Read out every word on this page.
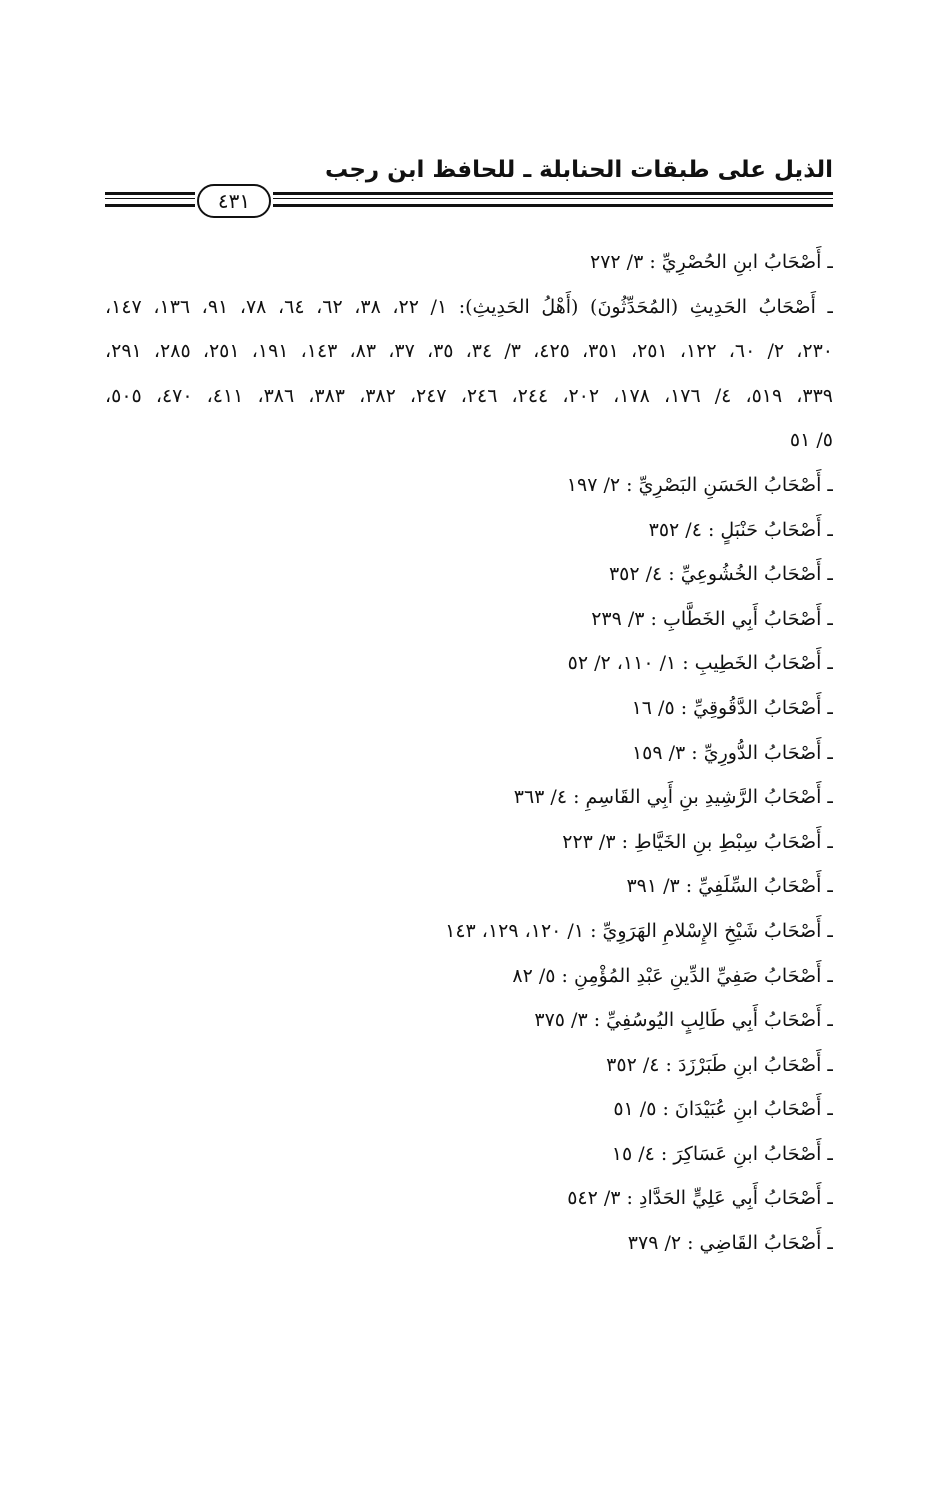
الذيل على طبقات الحنابلة ـ للحافظ ابن رجب
٤٣١

ـ أَصْحَابُ ابنِ الحُصْرِيِّ : ٣/ ٢٧٢

ـ أَصْحَابُ الحَدِيثِ (المُحَدِّثُونَ) (أَهْلُ الحَدِيثِ): ١/ ٢٢، ٣٨، ٦٢، ٦٤، ٧٨، ٩١، ١٣٦، ١٤٧،

٢٣٠، ٢/ ٦٠، ١٢٢، ٢٥١، ٣٥١، ٤٢٥، ٣/ ٣٤، ٣٥، ٣٧، ٨٣، ١٤٣، ١٩١، ٢٥١، ٢٨٥، ٢٩١،

٣٣٩، ٥١٩، ٤/ ١٧٦، ١٧٨، ٢٠٢، ٢٤٤، ٢٤٦، ٢٤٧، ٣٨٢، ٣٨٣، ٣٨٦، ٤١١، ٤٧٠، ٥٠٥،

٥/ ٥١

ـ أَصْحَابُ الحَسَنِ البَصْرِيِّ : ٢/ ١٩٧

ـ أَصْحَابُ حَنْبَلٍ : ٤/ ٣٥٢

ـ أَصْحَابُ الخُشُوعِيِّ : ٤/ ٣٥٢

ـ أَصْحَابُ أَبِي الخَطَّابِ : ٣/ ٢٣٩

ـ أَصْحَابُ الخَطِيبِ : ١/ ١١٠، ٢/ ٥٢

ـ أَصْحَابُ الدَّقُوقِيِّ : ٥/ ١٦

ـ أَصْحَابُ الدُّورِيِّ : ٣/ ١٥٩

ـ أَصْحَابُ الرَّشِيدِ بنِ أَبِي القَاسِمِ : ٤/ ٣٦٣

ـ أَصْحَابُ سِبْطِ بنِ الخَيَّاطِ : ٣/ ٢٢٣

ـ أَصْحَابُ السِّلَفِيِّ : ٣/ ٣٩١

ـ أَصْحَابُ شَيْخِ الإِسْلامِ الهَرَوِيِّ : ١/ ١٢٠، ١٢٩، ١٤٣

ـ أَصْحَابُ صَفِيِّ الدِّينِ عَبْدِ المُؤْمِنِ : ٥/ ٨٢

ـ أَصْحَابُ أَبِي طَالِبٍ اليُوسُفِيِّ : ٣/ ٣٧٥

ـ أَصْحَابُ ابنِ طَبَرْزَدَ : ٤/ ٣٥٢

ـ أَصْحَابُ ابنِ عُبَيْدَانَ : ٥/ ٥١

ـ أَصْحَابُ ابنِ عَسَاكِرَ : ٤/ ١٥

ـ أَصْحَابُ أَبِي عَلِيٍّ الحَدَّادِ : ٣/ ٥٤٢

ـ أَصْحَابُ القَاضِي : ٢/ ٣٧٩
